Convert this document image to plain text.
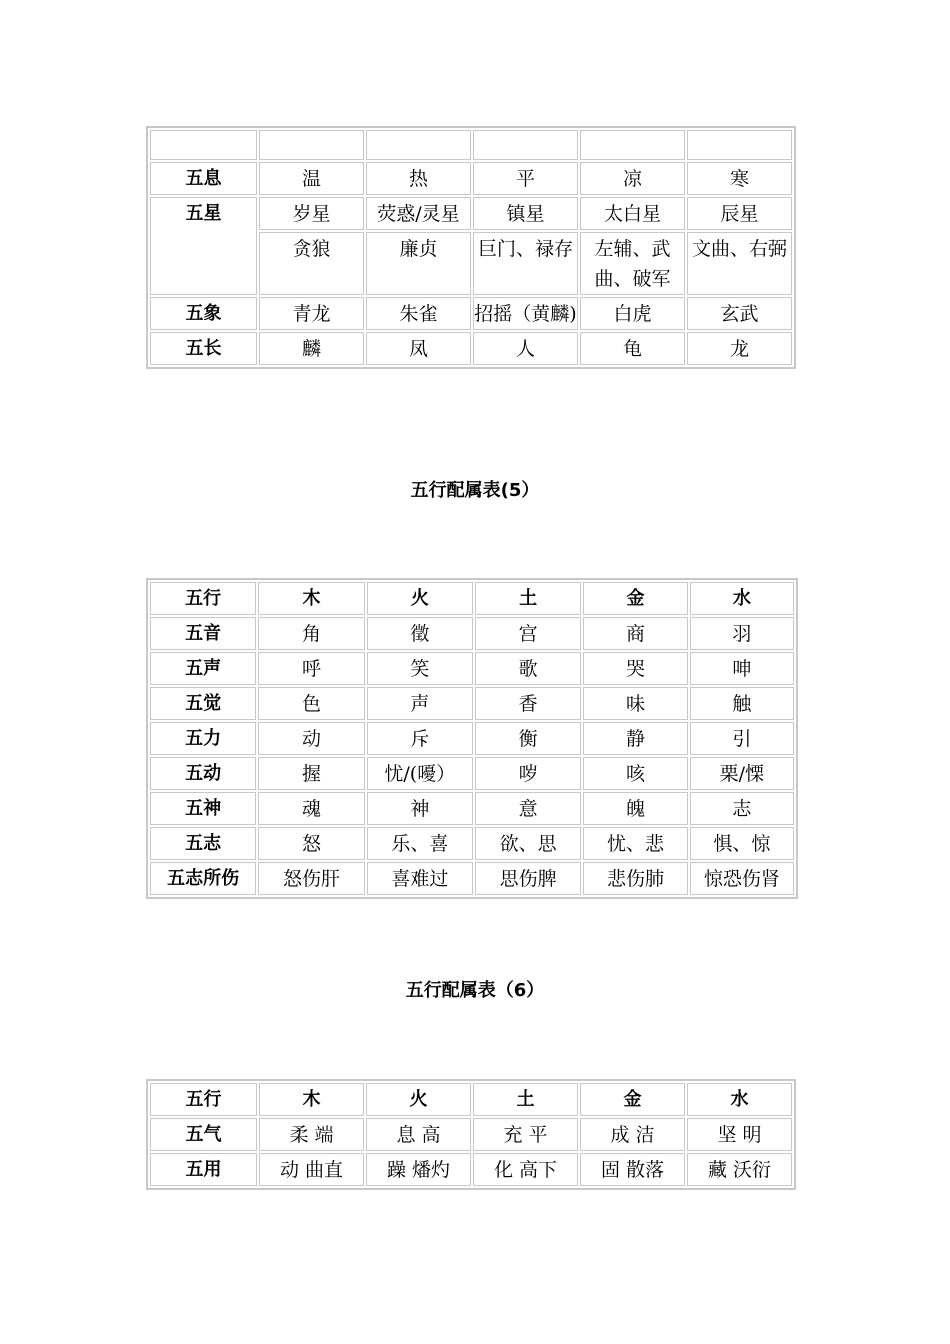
五息	温	热	平	凉	寒
五星	岁星	荧惑/灵星	镇星	太白星	辰星
	贪狼	廉贞	巨门、禄存	左辅、武曲、破军	文曲、右弼
五象	青龙	朱雀	招摇（黄麟)	白虎	玄武
五长	麟	凤	人	龟	龙
五行配属表(5）
五行	木	火	土	金	水
五音	角	徵	宫	商	羽
五声	呼	笑	歌	哭	呻
五觉	色	声	香	味	触
五力	动	斥	衡	静	引
五动	握	忧/(嚘）	哕	咳	栗/慄
五神	魂	神	意	魄	志
五志	怒	乐、喜	欲、思	忧、悲	惧、惊
五志所伤	怒伤肝	喜难过	思伤脾	悲伤肺	惊恐伤肾
五行配属表（6）
五行	木	火	土	金	水
五气	柔 端	息 高	充 平	成 洁	坚 明
五用	动 曲直	躁 燔灼	化 高下	固 散落	藏 沃衍
